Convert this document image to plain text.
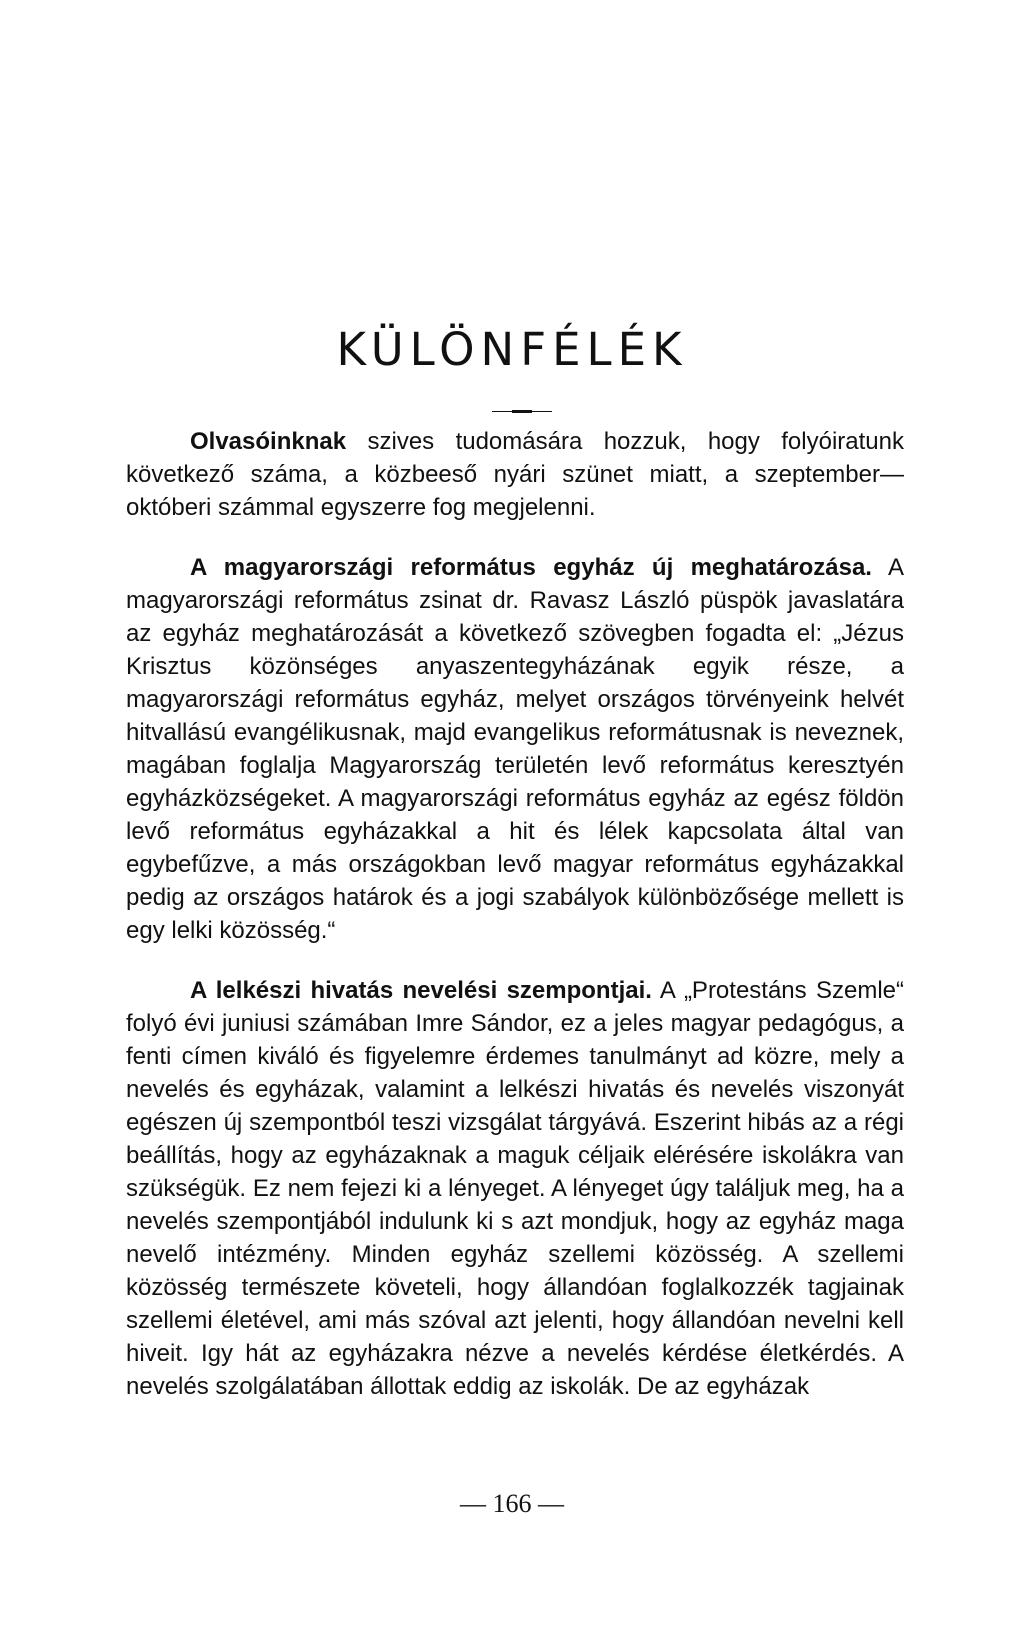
KÜLÖNFÉLÉK

Olvasóinknak szives tudomására hozzuk, hogy folyóiratunk következő száma, a közbeeső nyári szünet miatt, a szeptember—októberi számmal egyszerre fog megjelenni.

A magyarországi református egyház új meghatározása. A magyarországi református zsinat dr. Ravasz László püspök javaslatára az egyház meghatározását a következő szövegben fogadta el: „Jézus Krisztus közönséges anyaszentegyházának egyik része, a magyarországi református egyház, melyet országos törvényeink helvét hitvallású evangélikusnak, majd evangelikus reformátusnak is neveznek, magában foglalja Magyarország területén levő református keresztyén egyházközségeket. A magyarországi református egyház az egész földön levő református egyházakkal a hit és lélek kapcsolata által van egybefűzve, a más országokban levő magyar református egyházakkal pedig az országos határok és a jogi szabályok különbözősége mellett is egy lelki közösség.“

A lelkészi hivatás nevelési szempontjai. A „Protestáns Szemle“ folyó évi juniusi számában Imre Sándor, ez a jeles magyar pedagógus, a fenti címen kiváló és figyelemre érdemes tanulmányt ad közre, mely a nevelés és egyházak, valamint a lelkészi hivatás és nevelés viszonyát egészen új szempontból teszi vizsgálat tárgyává. Eszerint hibás az a régi beállítás, hogy az egyházaknak a maguk céljaik elérésére iskolákra van szükségük. Ez nem fejezi ki a lényeget. A lényeget úgy találjuk meg, ha a nevelés szempontjából indulunk ki s azt mondjuk, hogy az egyház maga nevelő intézmény. Minden egyház szellemi közösség. A szellemi közösség természete követeli, hogy állandóan foglalkozzék tagjainak szellemi életével, ami más szóval azt jelenti, hogy állandóan nevelni kell hiveit. Igy hát az egyházakra nézve a nevelés kérdése életkérdés. A nevelés szolgálatában állottak eddig az iskolák. De az egyházak

— 166 —
